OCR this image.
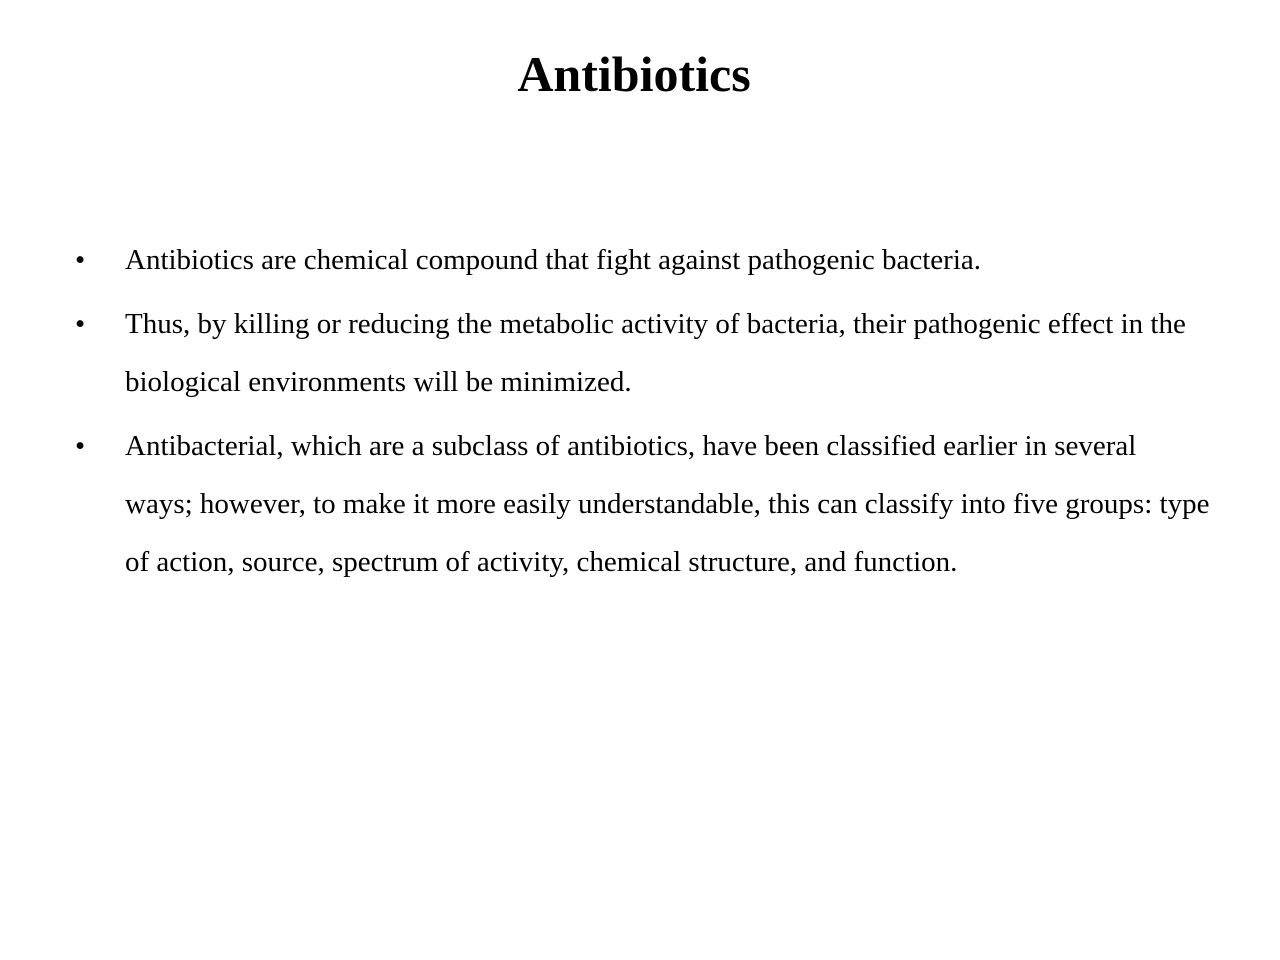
Antibiotics
•	Antibiotics are chemical compound that fight against pathogenic bacteria.
•	Thus, by killing or reducing the metabolic activity of bacteria, their pathogenic effect in the biological environments will be minimized.
•	Antibacterial, which are a subclass of antibiotics, have been classified earlier in several ways; however, to make it more easily understandable, this can classify into five groups: type of action, source, spectrum of activity, chemical structure, and function.
